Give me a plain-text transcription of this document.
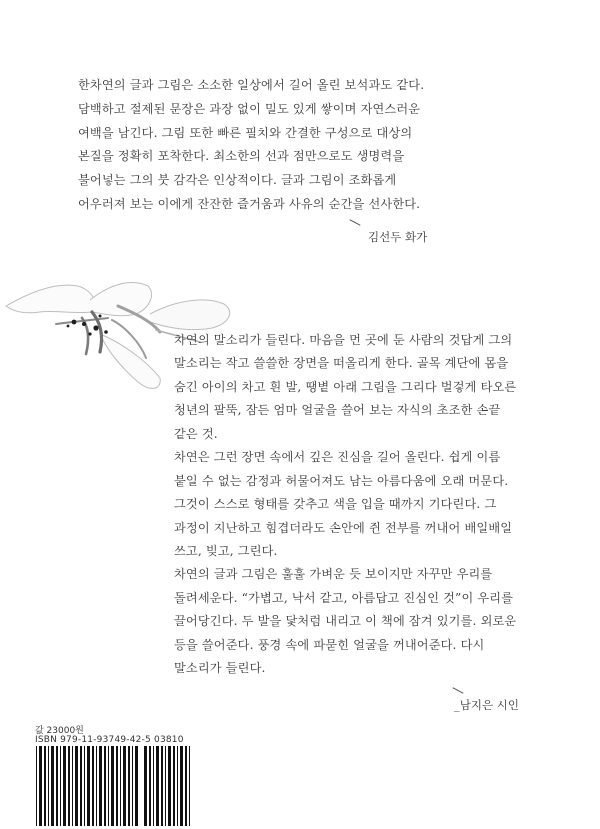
한차연의 글과 그림은 소소한 일상에서 길어 올린 보석과도 같다.
담백하고 절제된 문장은 과장 없이 밀도 있게 쌓이며 자연스러운
여백을 남긴다. 그림 또한 빠른 필치와 간결한 구성으로 대상의
본질을 정확히 포착한다. 최소한의 선과 점만으로도 생명력을
불어넣는 그의 붓 감각은 인상적이다. 글과 그림이 조화롭게
어우러져 보는 이에게 잔잔한 즐거움과 사유의 순간을 선사한다.
김선두 화가
차연의 말소리가 들린다. 마음을 먼 곳에 둔 사람의 것답게 그의
말소리는 작고 쓸쓸한 장면을 떠올리게 한다. 골목 계단에 몸을
숨긴 아이의 차고 흰 발, 땡볕 아래 그림을 그리다 벌겋게 타오른
청년의 팔뚝, 잠든 엄마 얼굴을 쓸어 보는 자식의 초조한 손끝
같은 것.
차연은 그런 장면 속에서 깊은 진심을 길어 올린다. 쉽게 이름
붙일 수 없는 감정과 허물어져도 남는 아름다움에 오래 머문다.
그것이 스스로 형태를 갖추고 색을 입을 때까지 기다린다. 그
과정이 지난하고 힘겹더라도 손안에 쥔 전부를 꺼내어 배일배일
쓰고, 빚고, 그린다.
차연의 글과 그림은 훌훌 가벼운 듯 보이지만 자꾸만 우리를
돌려세운다. “가볍고, 낙서 같고, 아름답고 진심인 것”이 우리를
끌어당긴다. 두 발을 닻처럼 내리고 이 책에 잠겨 있기를. 외로운
등을 쓸어준다. 풍경 속에 파묻힌 얼굴을 꺼내어준다. 다시
말소리가 들린다.
_남지은 시인
값 23000원
ISBN 979-11-93749-42-5 03810
